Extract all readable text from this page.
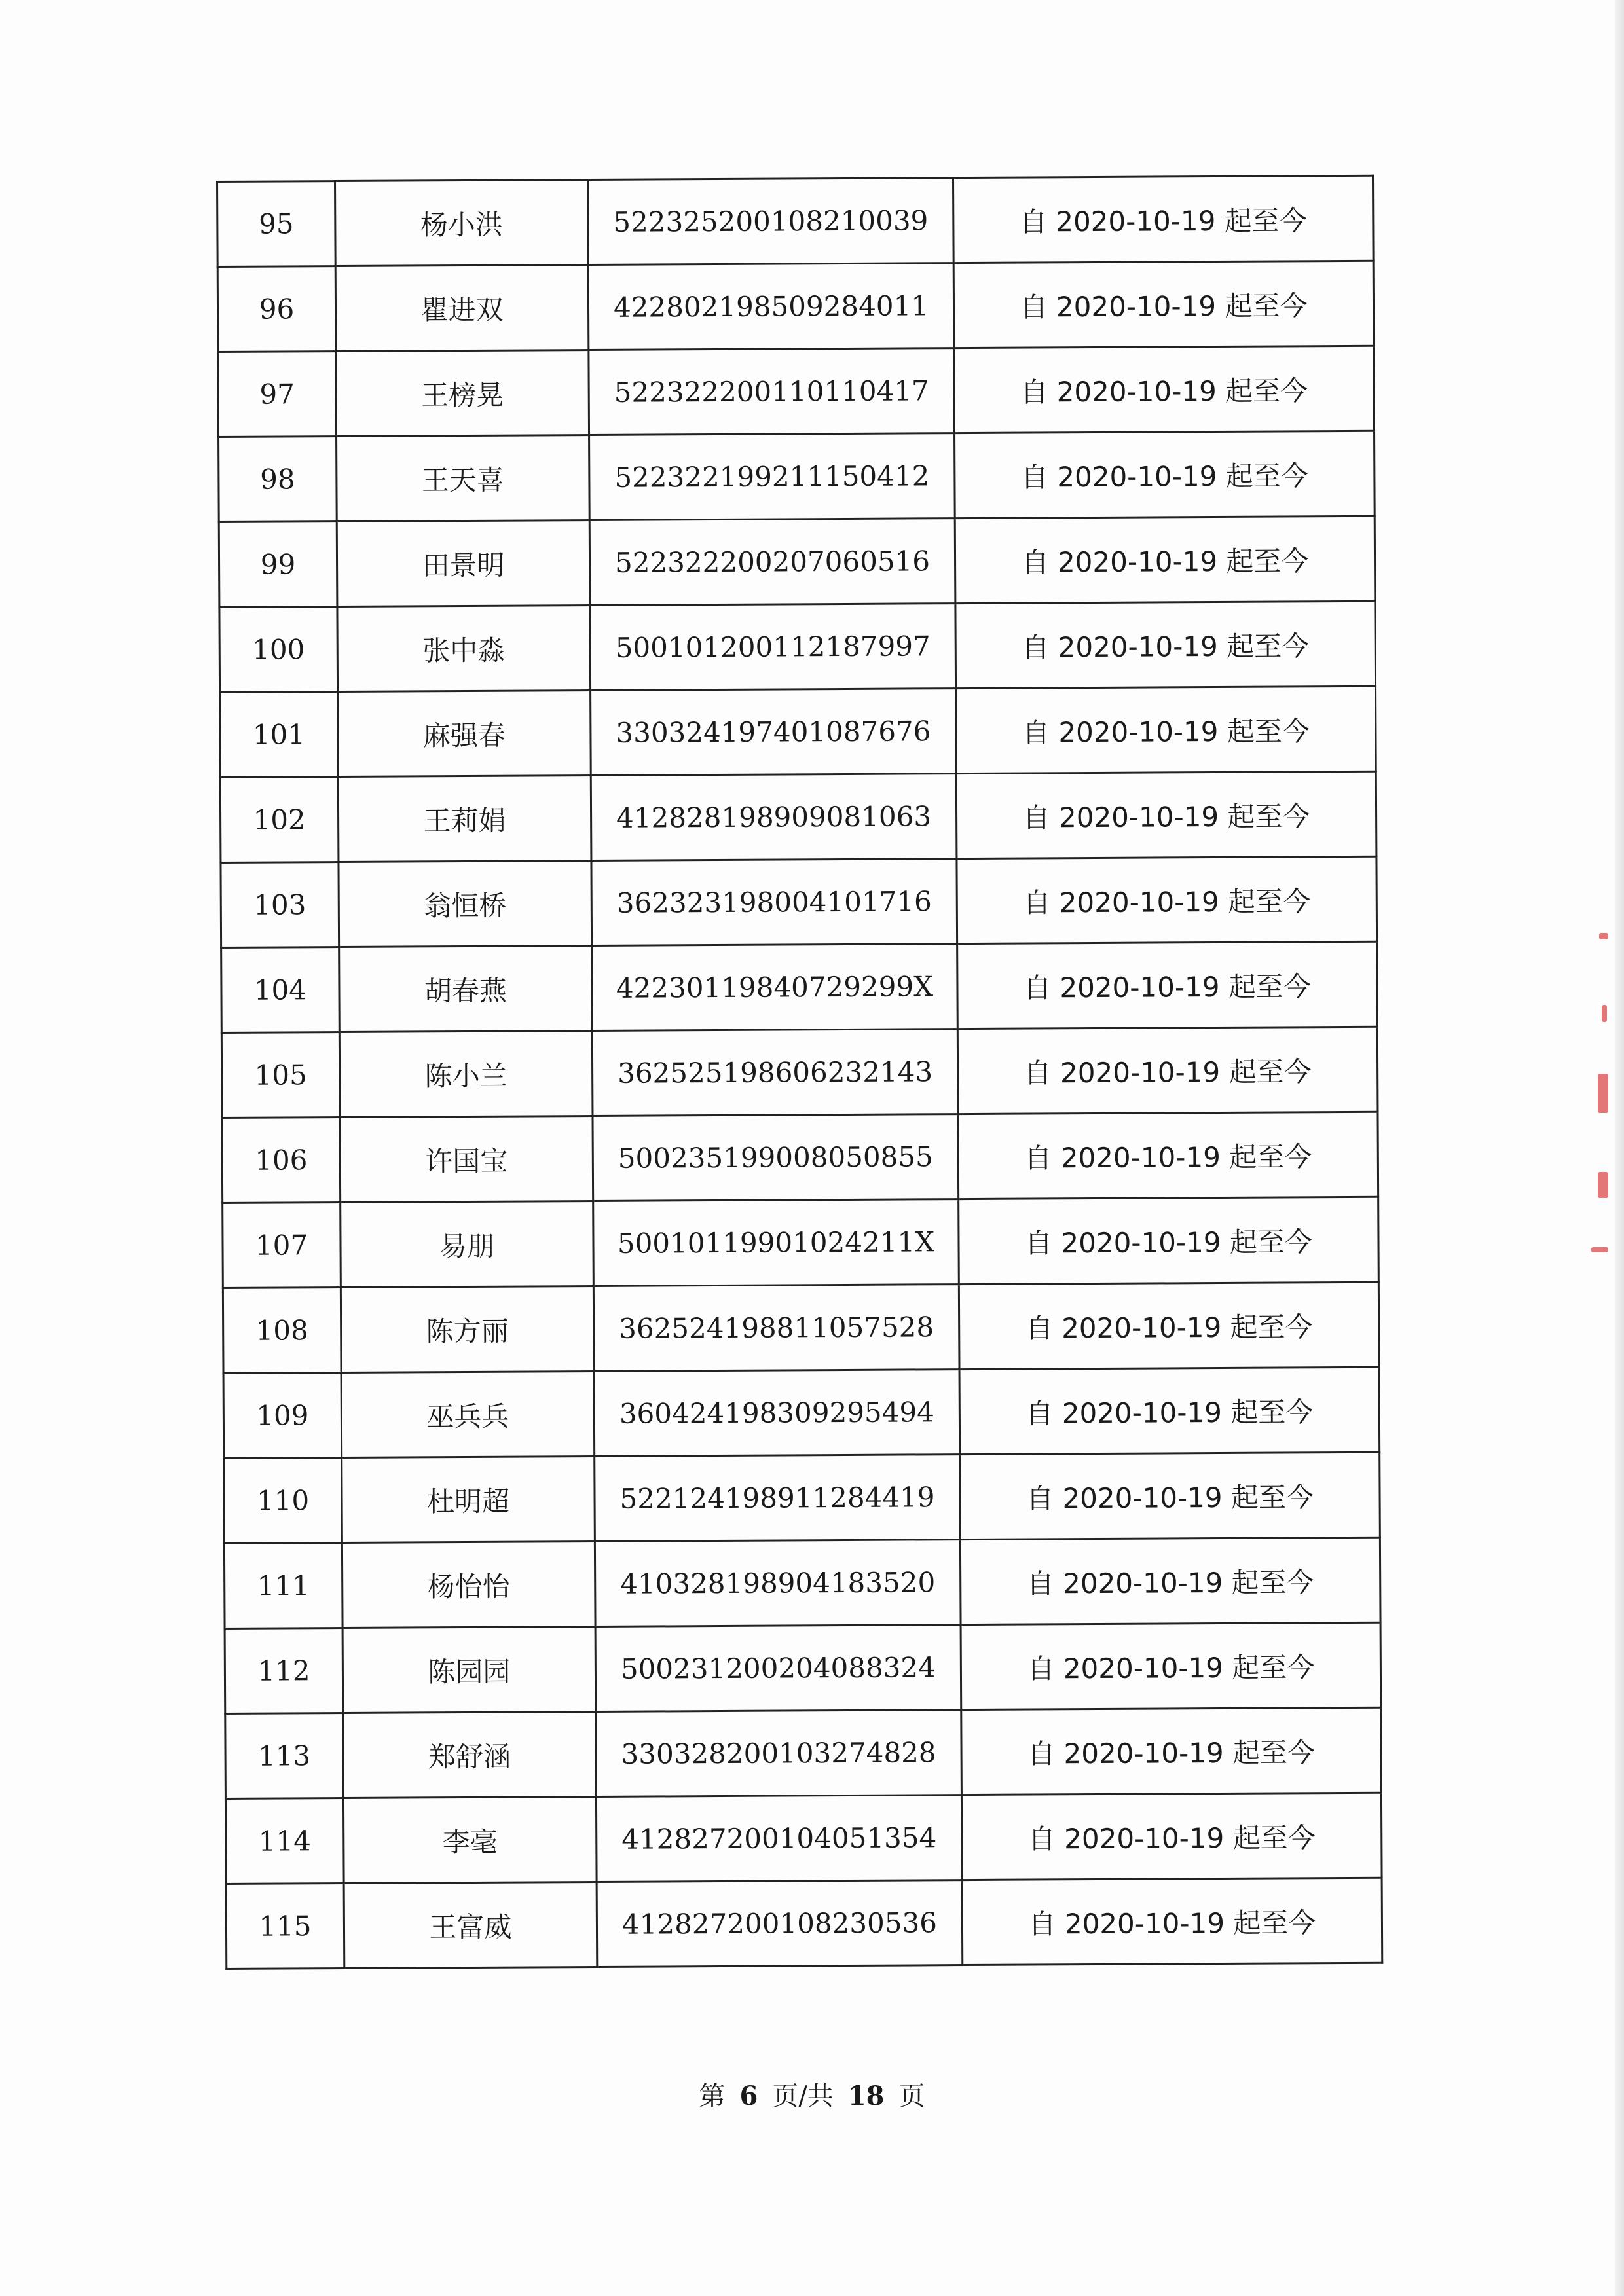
95	杨小洪	522325200108210039	自 2020-10-19 起至今
96	瞿进双	422802198509284011	自 2020-10-19 起至今
97	王榜晃	522322200110110417	自 2020-10-19 起至今
98	王天喜	522322199211150412	自 2020-10-19 起至今
99	田景明	522322200207060516	自 2020-10-19 起至今
100	张中淼	500101200112187997	自 2020-10-19 起至今
101	麻强春	330324197401087676	自 2020-10-19 起至今
102	王莉娟	412828198909081063	自 2020-10-19 起至今
103	翁恒桥	362323198004101716	自 2020-10-19 起至今
104	胡春燕	42230119840729299X	自 2020-10-19 起至今
105	陈小兰	362525198606232143	自 2020-10-19 起至今
106	许国宝	500235199008050855	自 2020-10-19 起至今
107	易朋	50010119901024211X	自 2020-10-19 起至今
108	陈方丽	362524198811057528	自 2020-10-19 起至今
109	巫兵兵	360424198309295494	自 2020-10-19 起至今
110	杜明超	522124198911284419	自 2020-10-19 起至今
111	杨怡怡	410328198904183520	自 2020-10-19 起至今
112	陈园园	500231200204088324	自 2020-10-19 起至今
113	郑舒涵	330328200103274828	自 2020-10-19 起至今
114	李毫	412827200104051354	自 2020-10-19 起至今
115	王富威	412827200108230536	自 2020-10-19 起至今
第 6 页/共 18 页
